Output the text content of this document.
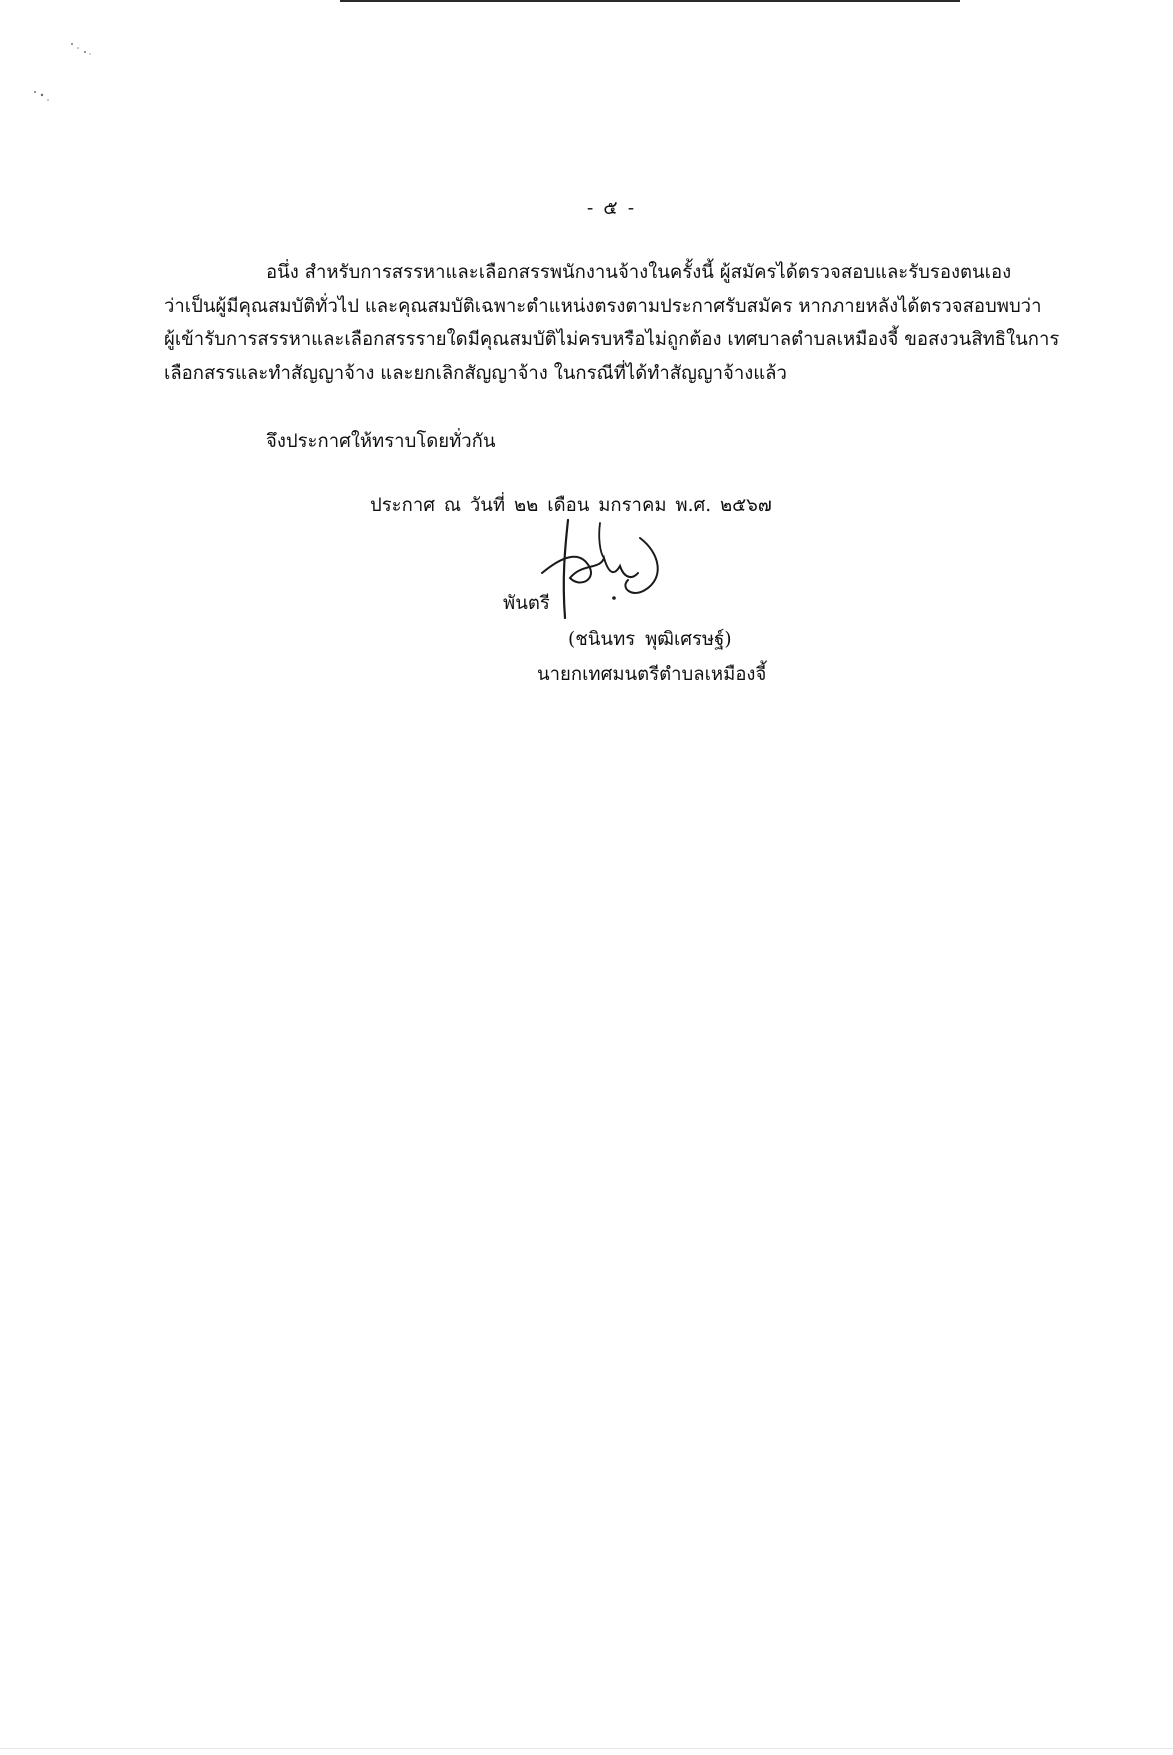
- ๕ -
อนึ่ง สำหรับการสรรหาและเลือกสรรพนักงานจ้างในครั้งนี้ ผู้สมัครได้ตรวจสอบและรับรองตนเอง
ว่าเป็นผู้มีคุณสมบัติทั่วไป และคุณสมบัติเฉพาะตำแหน่งตรงตามประกาศรับสมัคร หากภายหลังได้ตรวจสอบพบว่า
ผู้เข้ารับการสรรหาและเลือกสรรรายใดมีคุณสมบัติไม่ครบหรือไม่ถูกต้อง เทศบาลตำบลเหมืองจี้ ขอสงวนสิทธิในการ
เลือกสรรและทำสัญญาจ้าง และยกเลิกสัญญาจ้าง ในกรณีที่ได้ทำสัญญาจ้างแล้ว
จึงประกาศให้ทราบโดยทั่วกัน
ประกาศ ณ วันที่ ๒๒ เดือน มกราคม พ.ศ. ๒๕๖๗
พันตรี
(ชนินทร พุฒิเศรษฐ์)
นายกเทศมนตรีตำบลเหมืองจี้
